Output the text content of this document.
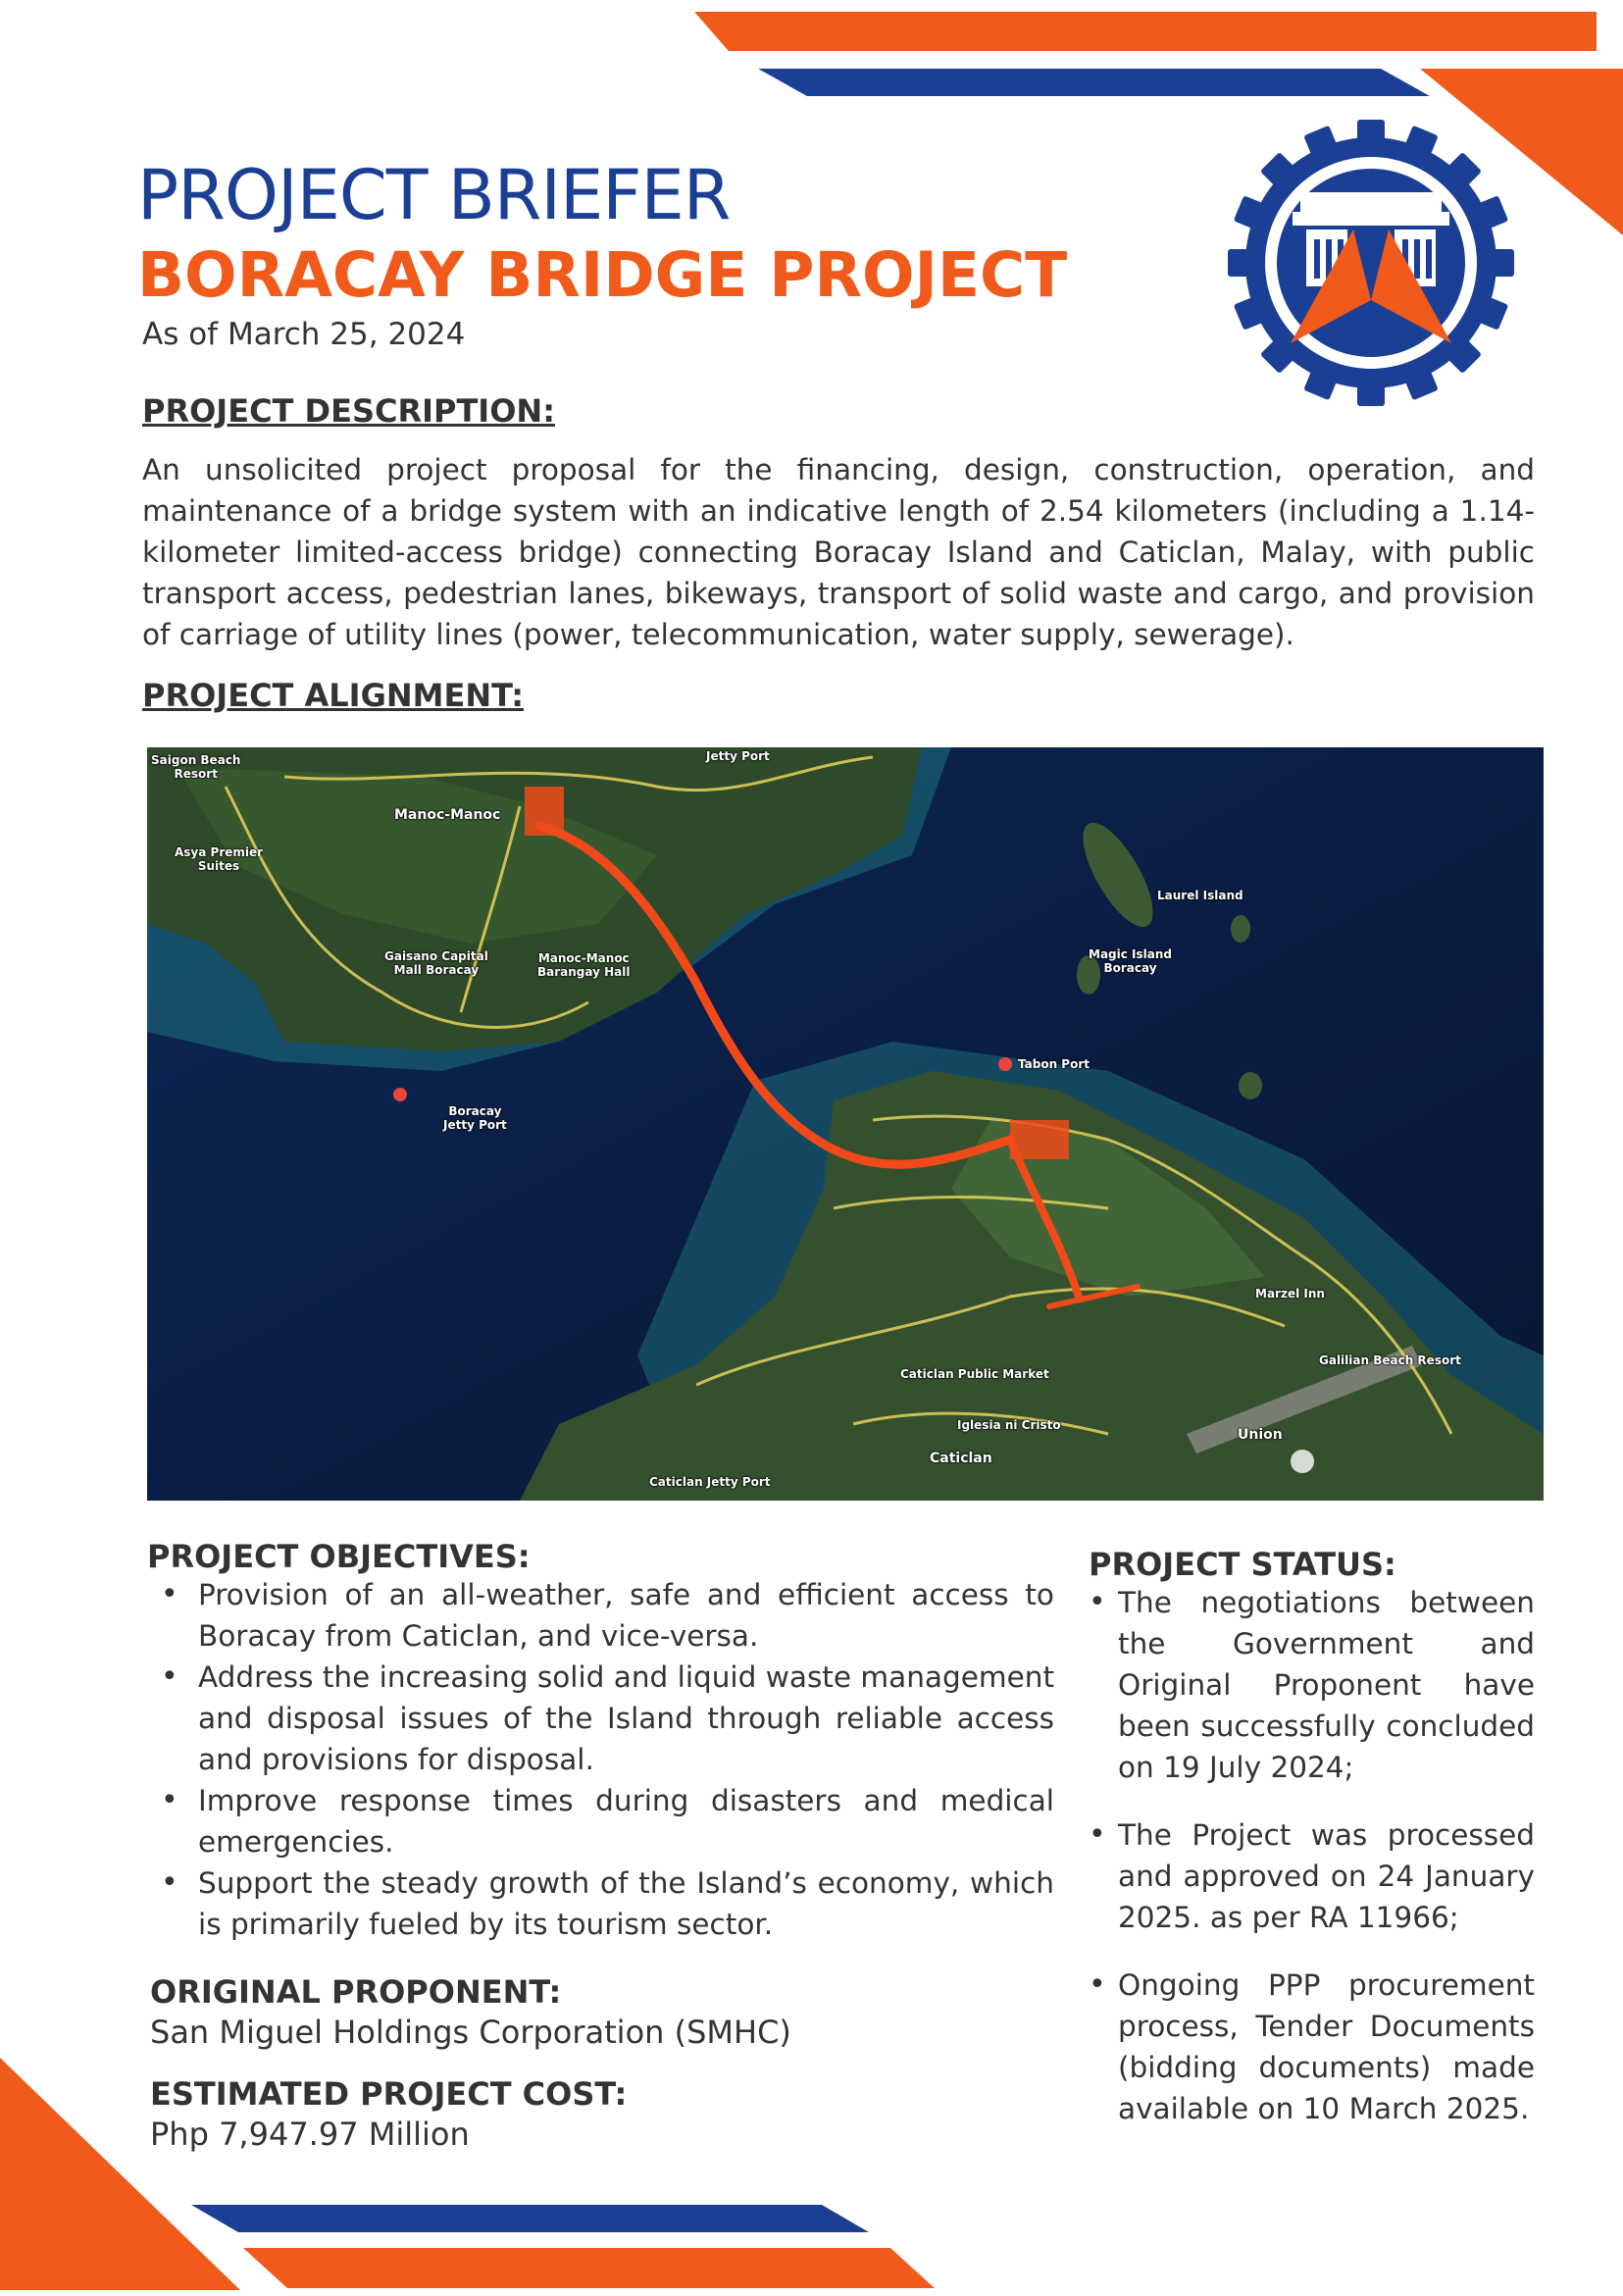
PROJECT BRIEFER
BORACAY BRIDGE PROJECT
As of March 25, 2024
PROJECT DESCRIPTION:

An unsolicited project proposal for the financing, design, construction, operation, and maintenance of a bridge system with an indicative length of 2.54 kilometers (including a 1.14-kilometer limited-access bridge) connecting Boracay Island and Caticlan, Malay, with public transport access, pedestrian lanes, bikeways, transport of solid waste and cargo, and provision of carriage of utility lines (power, telecommunication, water supply, sewerage).

PROJECT ALIGNMENT:
Saigon Beach
Resort
Jetty Port
Manoc-Manoc
Asya Premier
Suites
Laurel Island
Gaisano Capital
Mall Boracay
Manoc-Manoc
Barangay Hall
Magic Island
Boracay
Boracay
Jetty Port
Tabon Port
Marzel Inn
Caticlan Public Market
Galilian Beach Resort
Iglesia ni Cristo
Union
Caticlan
Caticlan Jetty Port
PROJECT OBJECTIVES:
• Provision of an all-weather, safe and efficient access to Boracay from Caticlan, and vice-versa.
• Address the increasing solid and liquid waste management and disposal issues of the Island through reliable access and provisions for disposal.
• Improve response times during disasters and medical emergencies.
• Support the steady growth of the Island’s economy, which is primarily fueled by its tourism sector.
PROJECT STATUS:
• The negotiations between the Government and Original Proponent have been successfully concluded on 19 July 2024;
• The Project was processed and approved on 24 January 2025. as per RA 11966;
• Ongoing PPP procurement process, Tender Documents (bidding documents) made available on 10 March 2025.
ORIGINAL PROPONENT:
San Miguel Holdings Corporation (SMHC)
ESTIMATED PROJECT COST:
Php 7,947.97 Million
